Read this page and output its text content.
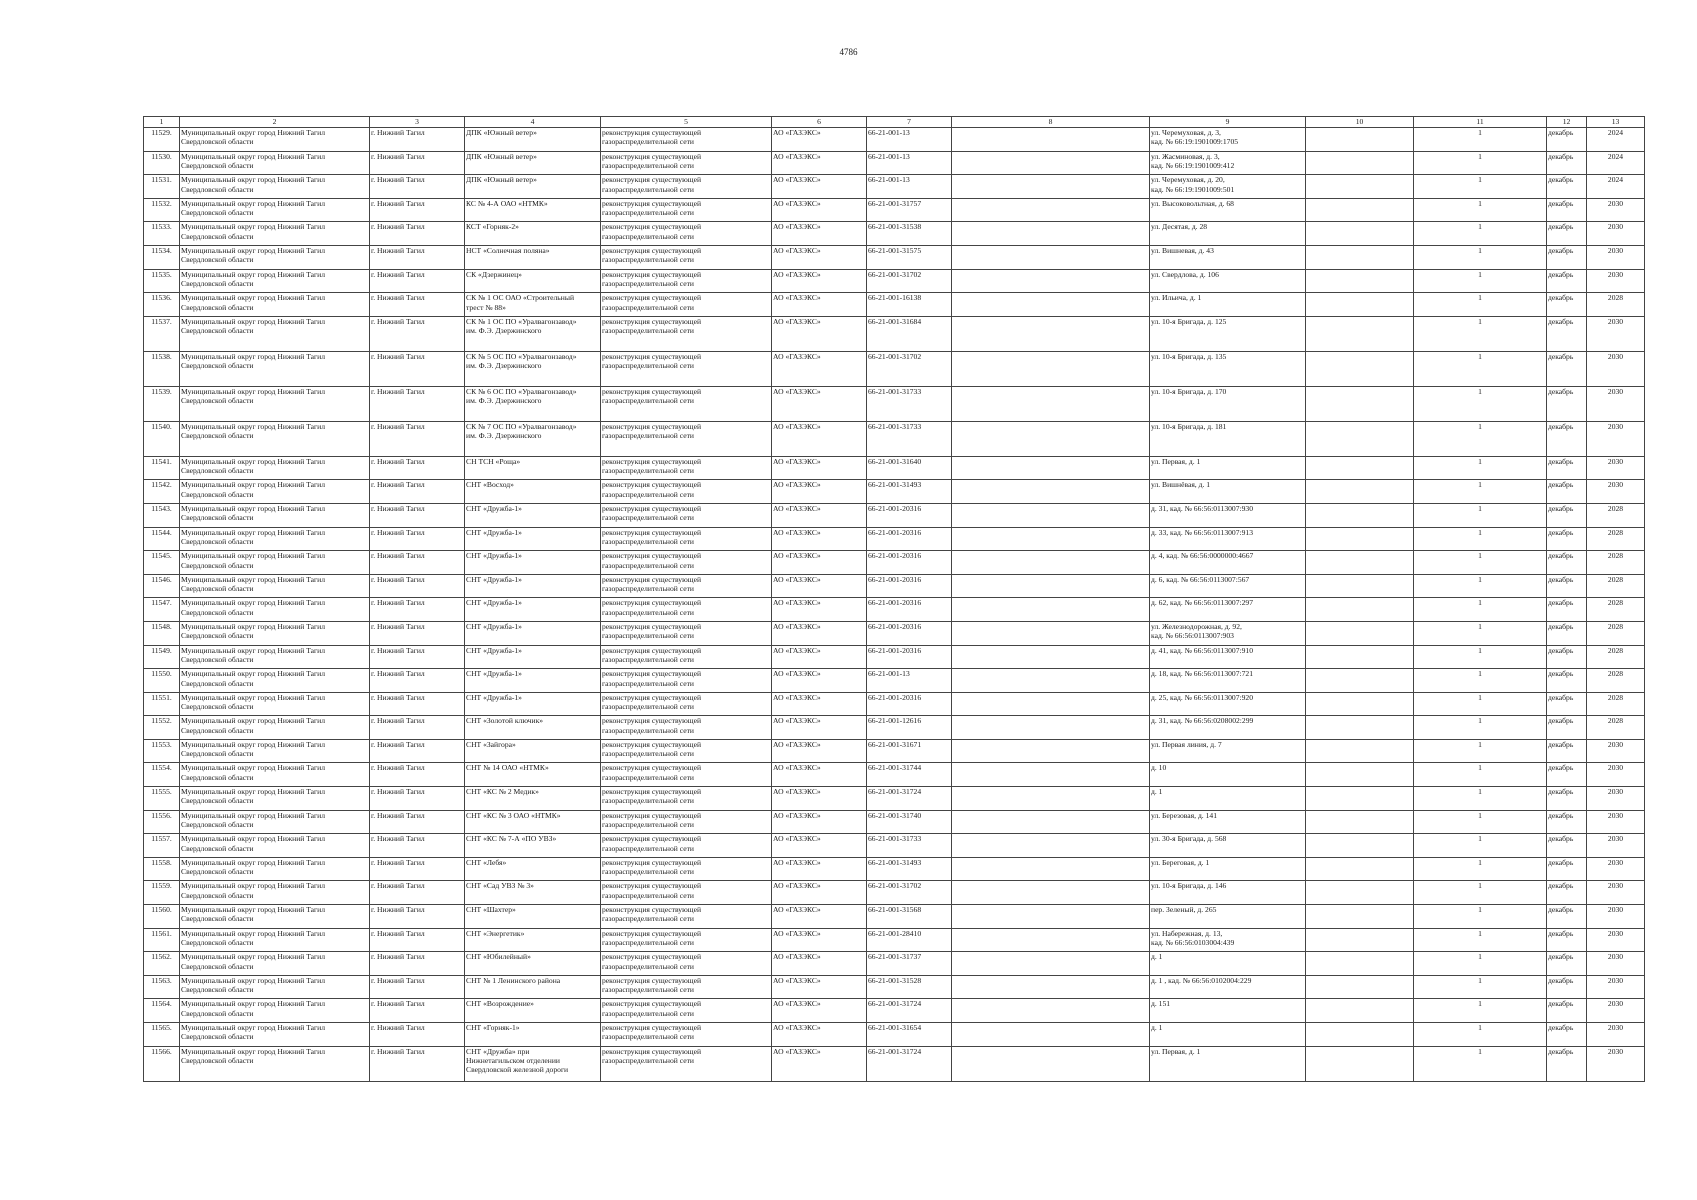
4786
1	2	3	4	5	6	7	8	9	10	11	12	13
11529.	Муниципальный округ город Нижний Тагил
Свердловской области	г. Нижний Тагил	ДПК «Южный ветер»	реконструкция существующей
газораспределительной сети	АО «ГАЗЭКС»	66-21-001-13		ул. Черемуховая, д. 3,
кад. № 66:19:1901009:1705		1	декабрь	2024
11530.	Муниципальный округ город Нижний Тагил
Свердловской области	г. Нижний Тагил	ДПК «Южный ветер»	реконструкция существующей
газораспределительной сети	АО «ГАЗЭКС»	66-21-001-13		ул. Жасминовая, д. 3,
кад. № 66:19:1901009:412		1	декабрь	2024
11531.	Муниципальный округ город Нижний Тагил
Свердловской области	г. Нижний Тагил	ДПК «Южный ветер»	реконструкция существующей
газораспределительной сети	АО «ГАЗЭКС»	66-21-001-13		ул. Черемуховая, д. 20,
кад. № 66:19:1901009:501		1	декабрь	2024
11532.	Муниципальный округ город Нижний Тагил
Свердловской области	г. Нижний Тагил	КС № 4-А ОАО «НТМК»	реконструкция существующей
газораспределительной сети	АО «ГАЗЭКС»	66-21-001-31757		ул. Высоковольтная, д. 68		1	декабрь	2030
11533.	Муниципальный округ город Нижний Тагил
Свердловской области	г. Нижний Тагил	КСТ «Горняк-2»	реконструкция существующей
газораспределительной сети	АО «ГАЗЭКС»	66-21-001-31538		ул. Десятая, д. 28		1	декабрь	2030
11534.	Муниципальный округ город Нижний Тагил
Свердловской области	г. Нижний Тагил	НСТ «Солнечная поляна»	реконструкция существующей
газораспределительной сети	АО «ГАЗЭКС»	66-21-001-31575		ул. Вишневая, д. 43		1	декабрь	2030
11535.	Муниципальный округ город Нижний Тагил
Свердловской области	г. Нижний Тагил	СК «Дзержинец»	реконструкция существующей
газораспределительной сети	АО «ГАЗЭКС»	66-21-001-31702		ул. Свердлова, д. 106		1	декабрь	2030
11536.	Муниципальный округ город Нижний Тагил
Свердловской области	г. Нижний Тагил	СК № 1 ОС ОАО «Строительный
трест № 88»	реконструкция существующей
газораспределительной сети	АО «ГАЗЭКС»	66-21-001-16138		ул. Ильича, д. 1		1	декабрь	2028
11537.	Муниципальный округ город Нижний Тагил
Свердловской области	г. Нижний Тагил	СК № 1 ОС ПО «Уралвагонзавод»
им. Ф.Э. Дзержинского	реконструкция существующей
газораспределительной сети	АО «ГАЗЭКС»	66-21-001-31684		ул. 10-я Бригада, д. 125		1	декабрь	2030
11538.	Муниципальный округ город Нижний Тагил
Свердловской области	г. Нижний Тагил	СК № 5 ОС ПО «Уралвагонзавод»
им. Ф.Э. Дзержинского	реконструкция существующей
газораспределительной сети	АО «ГАЗЭКС»	66-21-001-31702		ул. 10-я Бригада, д. 135		1	декабрь	2030
11539.	Муниципальный округ город Нижний Тагил
Свердловской области	г. Нижний Тагил	СК № 6 ОС ПО «Уралвагонзавод»
им. Ф.Э. Дзержинского	реконструкция существующей
газораспределительной сети	АО «ГАЗЭКС»	66-21-001-31733		ул. 10-я Бригада, д. 170		1	декабрь	2030
11540.	Муниципальный округ город Нижний Тагил
Свердловской области	г. Нижний Тагил	СК № 7 ОС ПО «Уралвагонзавод»
им. Ф.Э. Дзержинского	реконструкция существующей
газораспределительной сети	АО «ГАЗЭКС»	66-21-001-31733		ул. 10-я Бригада, д. 181		1	декабрь	2030
11541.	Муниципальный округ город Нижний Тагил
Свердловской области	г. Нижний Тагил	СН ТСН «Роща»	реконструкция существующей
газораспределительной сети	АО «ГАЗЭКС»	66-21-001-31640		ул. Первая, д. 1		1	декабрь	2030
11542.	Муниципальный округ город Нижний Тагил
Свердловской области	г. Нижний Тагил	СНТ «Восход»	реконструкция существующей
газораспределительной сети	АО «ГАЗЭКС»	66-21-001-31493		ул. Вишнёвая, д. 1		1	декабрь	2030
11543.	Муниципальный округ город Нижний Тагил
Свердловской области	г. Нижний Тагил	СНТ «Дружба-1»	реконструкция существующей
газораспределительной сети	АО «ГАЗЭКС»	66-21-001-20316		д. 31, кад. № 66:56:0113007:930		1	декабрь	2028
11544.	Муниципальный округ город Нижний Тагил
Свердловской области	г. Нижний Тагил	СНТ «Дружба-1»	реконструкция существующей
газораспределительной сети	АО «ГАЗЭКС»	66-21-001-20316		д. 33, кад. № 66:56:0113007:913		1	декабрь	2028
11545.	Муниципальный округ город Нижний Тагил
Свердловской области	г. Нижний Тагил	СНТ «Дружба-1»	реконструкция существующей
газораспределительной сети	АО «ГАЗЭКС»	66-21-001-20316		д. 4, кад. № 66:56:0000000:4667		1	декабрь	2028
11546.	Муниципальный округ город Нижний Тагил
Свердловской области	г. Нижний Тагил	СНТ «Дружба-1»	реконструкция существующей
газораспределительной сети	АО «ГАЗЭКС»	66-21-001-20316		д. 6, кад. № 66:56:0113007:567		1	декабрь	2028
11547.	Муниципальный округ город Нижний Тагил
Свердловской области	г. Нижний Тагил	СНТ «Дружба-1»	реконструкция существующей
газораспределительной сети	АО «ГАЗЭКС»	66-21-001-20316		д. 62, кад. № 66:56:0113007:297		1	декабрь	2028
11548.	Муниципальный округ город Нижний Тагил
Свердловской области	г. Нижний Тагил	СНТ «Дружба-1»	реконструкция существующей
газораспределительной сети	АО «ГАЗЭКС»	66-21-001-20316		ул. Железнодорожная, д. 92,
кад. № 66:56:0113007:903		1	декабрь	2028
11549.	Муниципальный округ город Нижний Тагил
Свердловской области	г. Нижний Тагил	СНТ «Дружба-1»	реконструкция существующей
газораспределительной сети	АО «ГАЗЭКС»	66-21-001-20316		д. 41, кад. № 66:56:0113007:910		1	декабрь	2028
11550.	Муниципальный округ город Нижний Тагил
Свердловской области	г. Нижний Тагил	СНТ «Дружба-1»	реконструкция существующей
газораспределительной сети	АО «ГАЗЭКС»	66-21-001-13		д. 18, кад. № 66:56:0113007:721		1	декабрь	2028
11551.	Муниципальный округ город Нижний Тагил
Свердловской области	г. Нижний Тагил	СНТ «Дружба-1»	реконструкция существующей
газораспределительной сети	АО «ГАЗЭКС»	66-21-001-20316		д. 25, кад. № 66:56:0113007:920		1	декабрь	2028
11552.	Муниципальный округ город Нижний Тагил
Свердловской области	г. Нижний Тагил	СНТ «Золотой ключик»	реконструкция существующей
газораспределительной сети	АО «ГАЗЭКС»	66-21-001-12616		д. 31, кад. № 66:56:0208002:299		1	декабрь	2028
11553.	Муниципальный округ город Нижний Тагил
Свердловской области	г. Нижний Тагил	СНТ «Зайгора»	реконструкция существующей
газораспределительной сети	АО «ГАЗЭКС»	66-21-001-31671		ул. Первая линия, д. 7		1	декабрь	2030
11554.	Муниципальный округ город Нижний Тагил
Свердловской области	г. Нижний Тагил	СНТ № 14 ОАО «НТМК»	реконструкция существующей
газораспределительной сети	АО «ГАЗЭКС»	66-21-001-31744		д. 10		1	декабрь	2030
11555.	Муниципальный округ город Нижний Тагил
Свердловской области	г. Нижний Тагил	СНТ «КС № 2 Медик»	реконструкция существующей
газораспределительной сети	АО «ГАЗЭКС»	66-21-001-31724		д. 1		1	декабрь	2030
11556.	Муниципальный округ город Нижний Тагил
Свердловской области	г. Нижний Тагил	СНТ «КС № 3 ОАО «НТМК»	реконструкция существующей
газораспределительной сети	АО «ГАЗЭКС»	66-21-001-31740		ул. Березовая, д. 141		1	декабрь	2030
11557.	Муниципальный округ город Нижний Тагил
Свердловской области	г. Нижний Тагил	СНТ «КС № 7-А «ПО УВЗ»	реконструкция существующей
газораспределительной сети	АО «ГАЗЭКС»	66-21-001-31733		ул. 30-я Бригада, д. 568		1	декабрь	2030
11558.	Муниципальный округ город Нижний Тагил
Свердловской области	г. Нижний Тагил	СНТ «Лебя»	реконструкция существующей
газораспределительной сети	АО «ГАЗЭКС»	66-21-001-31493		ул. Береговая, д. 1		1	декабрь	2030
11559.	Муниципальный округ город Нижний Тагил
Свердловской области	г. Нижний Тагил	СНТ «Сад УВЗ № 3»	реконструкция существующей
газораспределительной сети	АО «ГАЗЭКС»	66-21-001-31702		ул. 10-я Бригада, д. 146		1	декабрь	2030
11560.	Муниципальный округ город Нижний Тагил
Свердловской области	г. Нижний Тагил	СНТ «Шахтер»	реконструкция существующей
газораспределительной сети	АО «ГАЗЭКС»	66-21-001-31568		пер. Зеленый, д. 265		1	декабрь	2030
11561.	Муниципальный округ город Нижний Тагил
Свердловской области	г. Нижний Тагил	СНТ «Энергетик»	реконструкция существующей
газораспределительной сети	АО «ГАЗЭКС»	66-21-001-28410		ул. Набережная, д. 13,
кад. № 66:56:0103004:439		1	декабрь	2030
11562.	Муниципальный округ город Нижний Тагил
Свердловской области	г. Нижний Тагил	СНТ «Юбилейный»	реконструкция существующей
газораспределительной сети	АО «ГАЗЭКС»	66-21-001-31737		д. 1		1	декабрь	2030
11563.	Муниципальный округ город Нижний Тагил
Свердловской области	г. Нижний Тагил	СНТ № 1 Ленинского района	реконструкция существующей
газораспределительной сети	АО «ГАЗЭКС»	66-21-001-31528		д. 1 , кад. № 66:56:0102004:229		1	декабрь	2030
11564.	Муниципальный округ город Нижний Тагил
Свердловской области	г. Нижний Тагил	СНТ «Возрождение»	реконструкция существующей
газораспределительной сети	АО «ГАЗЭКС»	66-21-001-31724		д. 151		1	декабрь	2030
11565.	Муниципальный округ город Нижний Тагил
Свердловской области	г. Нижний Тагил	СНТ «Горняк-1»	реконструкция существующей
газораспределительной сети	АО «ГАЗЭКС»	66-21-001-31654		д. 1		1	декабрь	2030
11566.	Муниципальный округ город Нижний Тагил
Свердловской области	г. Нижний Тагил	СНТ «Дружба» при
Нижнетагильском отделении
Свердловской железной дороги	реконструкция существующей
газораспределительной сети	АО «ГАЗЭКС»	66-21-001-31724		ул. Первая, д. 1		1	декабрь	2030
